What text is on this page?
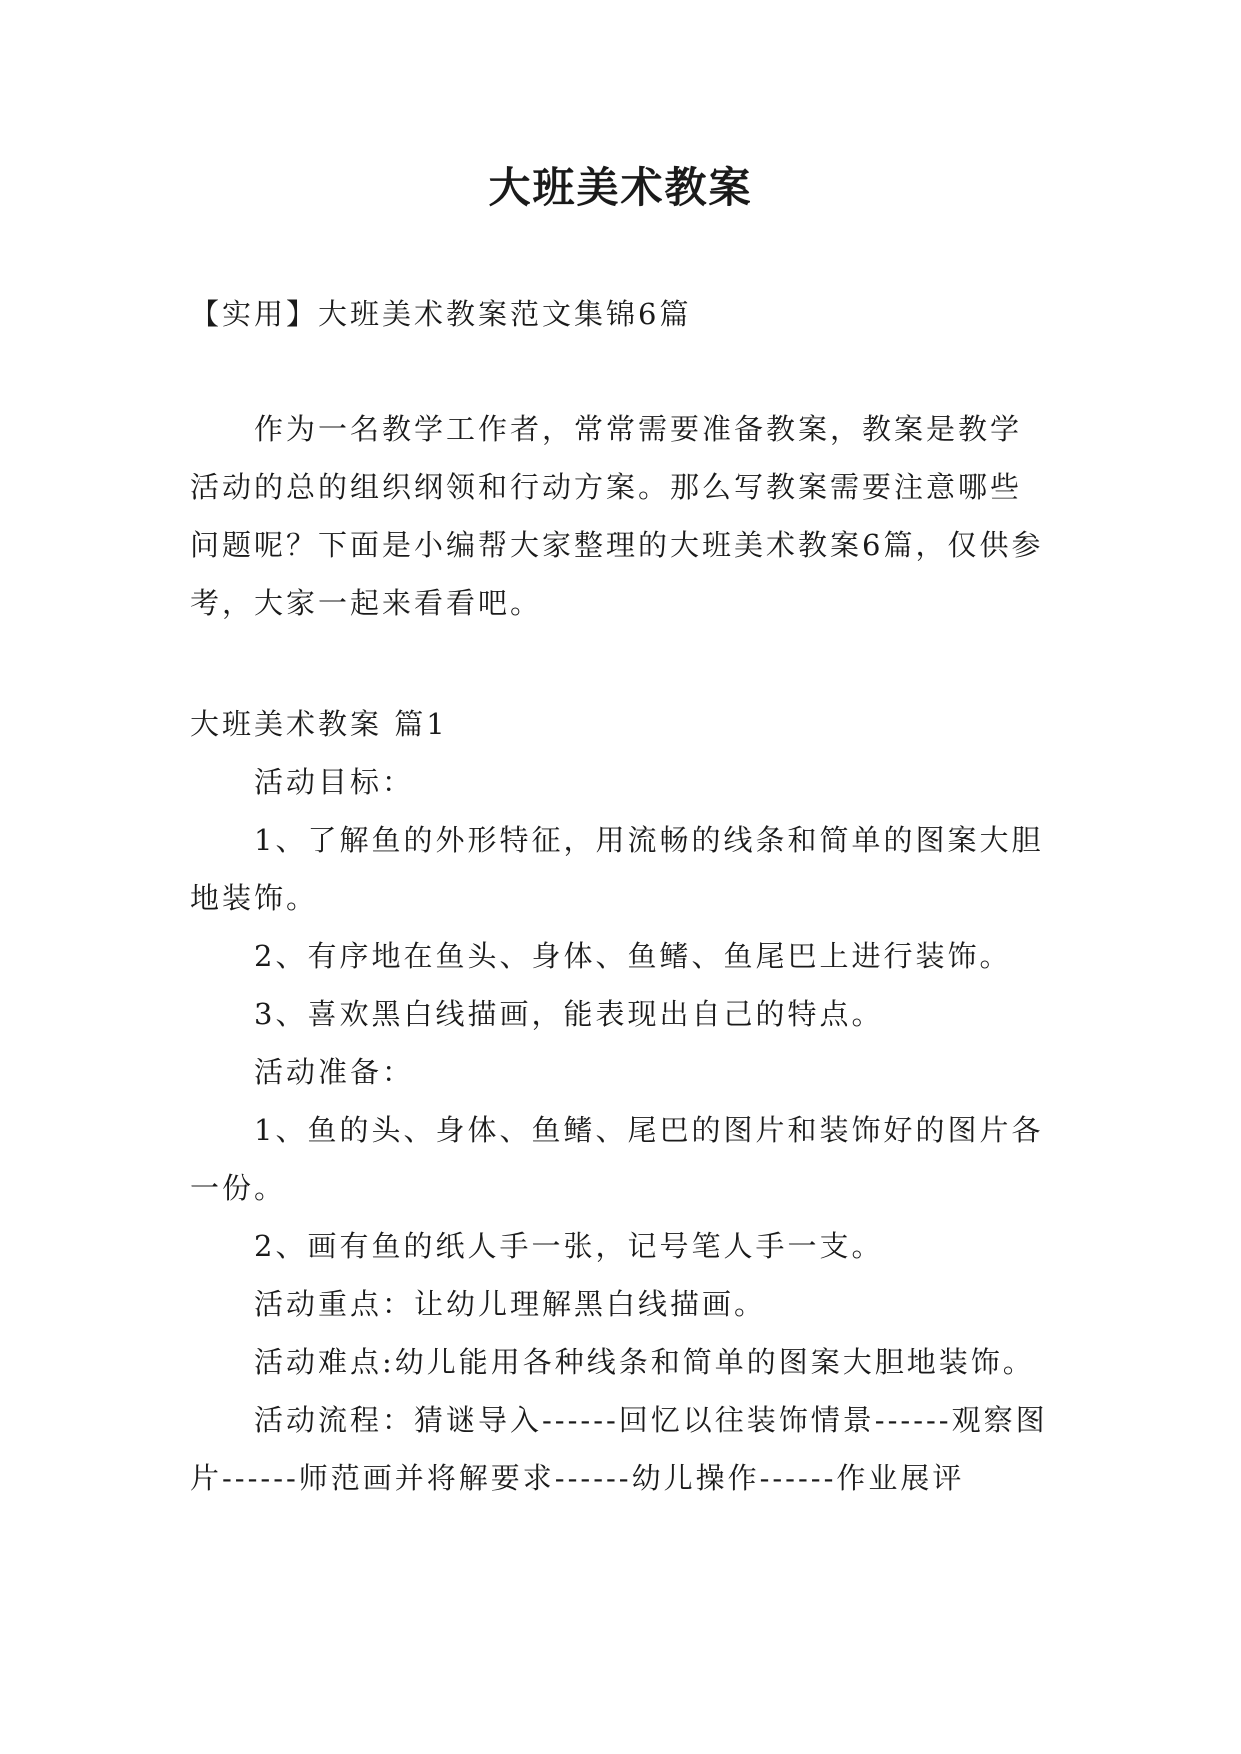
大班美术教案
【实用】大班美术教案范文集锦6篇

作为一名教学工作者，常常需要准备教案，教案是教学活动的总的组织纲领和行动方案。那么写教案需要注意哪些问题呢？下面是小编帮大家整理的大班美术教案6篇，仅供参考，大家一起来看看吧。

大班美术教案 篇1
活动目标：

1、了解鱼的外形特征，用流畅的线条和简单的图案大胆地装饰。

2、有序地在鱼头、身体、鱼鳍、鱼尾巴上进行装饰。

3、喜欢黑白线描画，能表现出自己的特点。

活动准备：

1、鱼的头、身体、鱼鳍、尾巴的图片和装饰好的图片各一份。

2、画有鱼的纸人手一张，记号笔人手一支。

活动重点：让幼儿理解黑白线描画。

活动难点:幼儿能用各种线条和简单的图案大胆地装饰。

活动流程：猜谜导入------回忆以往装饰情景------观察图片------师范画并将解要求------幼儿操作------作业展评
